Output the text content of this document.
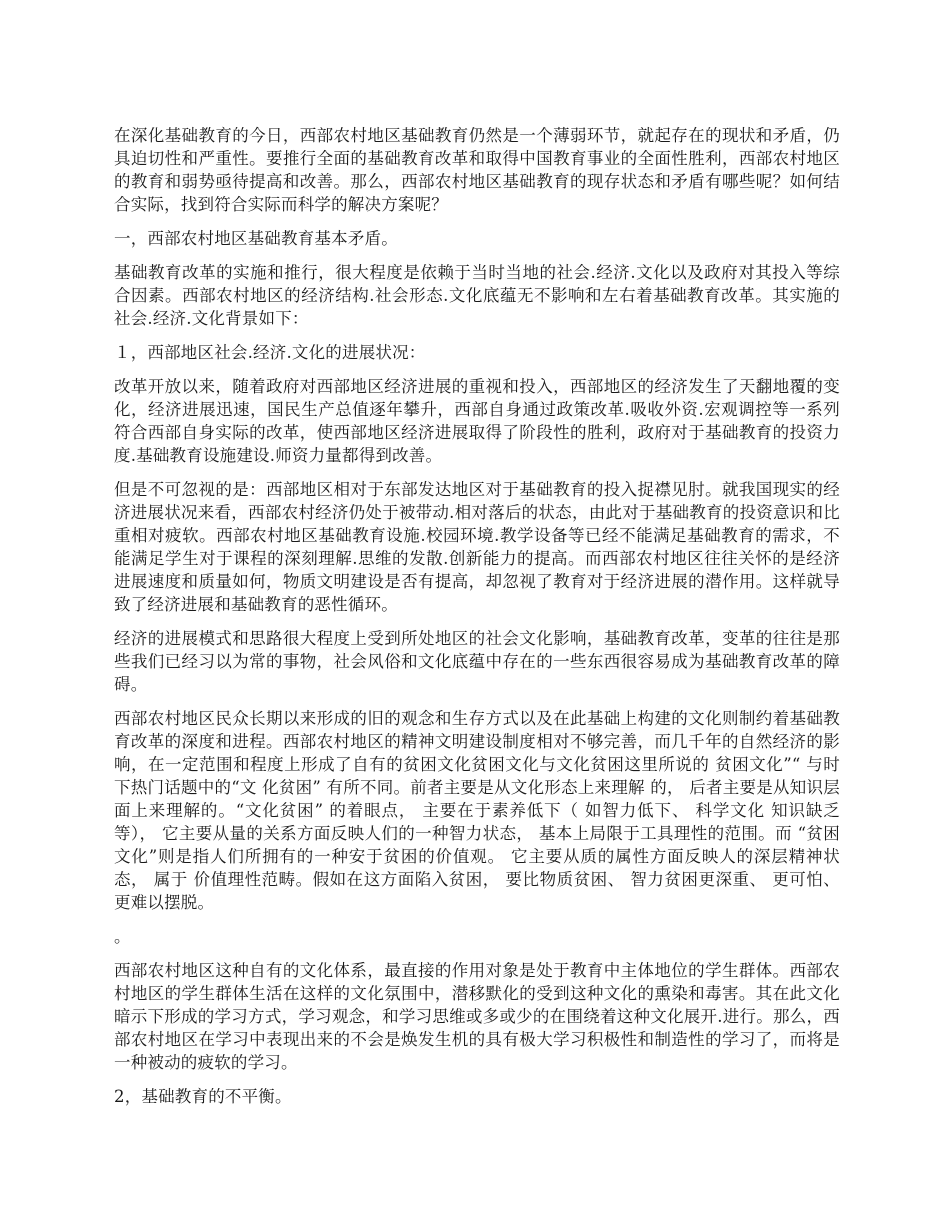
在深化基础教育的今日，西部农村地区基础教育仍然是一个薄弱环节，就起存在的现状和矛盾，仍具迫切性和严重性。要推行全面的基础教育改革和取得中国教育事业的全面性胜利，西部农村地区的教育和弱势亟待提高和改善。那么，西部农村地区基础教育的现存状态和矛盾有哪些呢？如何结合实际，找到符合实际而科学的解决方案呢？

一，西部农村地区基础教育基本矛盾。

基础教育改革的实施和推行，很大程度是依赖于当时当地的社会.经济.文化以及政府对其投入等综合因素。西部农村地区的经济结构.社会形态.文化底蕴无不影响和左右着基础教育改革。其实施的社会.经济.文化背景如下：

１，西部地区社会.经济.文化的进展状况：

改革开放以来，随着政府对西部地区经济进展的重视和投入，西部地区的经济发生了天翻地覆的变化，经济进展迅速，国民生产总值逐年攀升，西部自身通过政策改革.吸收外资.宏观调控等一系列符合西部自身实际的改革，使西部地区经济进展取得了阶段性的胜利，政府对于基础教育的投资力度.基础教育设施建设.师资力量都得到改善。

但是不可忽视的是：西部地区相对于东部发达地区对于基础教育的投入捉襟见肘。就我国现实的经济进展状况来看，西部农村经济仍处于被带动.相对落后的状态，由此对于基础教育的投资意识和比重相对疲软。西部农村地区基础教育设施.校园环境.教学设备等已经不能满足基础教育的需求，不能满足学生对于课程的深刻理解.思维的发散.创新能力的提高。而西部农村地区往往关怀的是经济进展速度和质量如何，物质文明建设是否有提高，却忽视了教育对于经济进展的潜作用。这样就导致了经济进展和基础教育的恶性循环。

经济的进展模式和思路很大程度上受到所处地区的社会文化影响，基础教育改革，变革的往往是那些我们已经习以为常的事物，社会风俗和文化底蕴中存在的一些东西很容易成为基础教育改革的障碍。

西部农村地区民众长期以来形成的旧的观念和生存方式以及在此基础上构建的文化则制约着基础教育改革的深度和进程。西部农村地区的精神文明建设制度相对不够完善，而几千年的自然经济的影响，在一定范围和程度上形成了自有的贫困文化贫困文化与文化贫困这里所说的 贫困文化”“ 与时下热门话题中的“文 化贫困” 有所不同。前者主要是从文化形态上来理解 的， 后者主要是从知识层面上来理解的。“文化贫困” 的着眼点， 主要在于素养低下（ 如智力低下、 科学文化 知识缺乏等）， 它主要从量的关系方面反映人们的一种智力状态， 基本上局限于工具理性的范围。而 “贫困 文化”则是指人们所拥有的一种安于贫困的价值观。 它主要从质的属性方面反映人的深层精神状态， 属于 价值理性范畴。假如在这方面陷入贫困， 要比物质贫困、 智力贫困更深重、 更可怕、 更难以摆脱。

。

西部农村地区这种自有的文化体系，最直接的作用对象是处于教育中主体地位的学生群体。西部农村地区的学生群体生活在这样的文化氛围中，潜移默化的受到这种文化的熏染和毒害。其在此文化暗示下形成的学习方式，学习观念，和学习思维或多或少的在围绕着这种文化展开.进行。那么，西部农村地区在学习中表现出来的不会是焕发生机的具有极大学习积极性和制造性的学习了，而将是一种被动的疲软的学习。

2，基础教育的不平衡。
